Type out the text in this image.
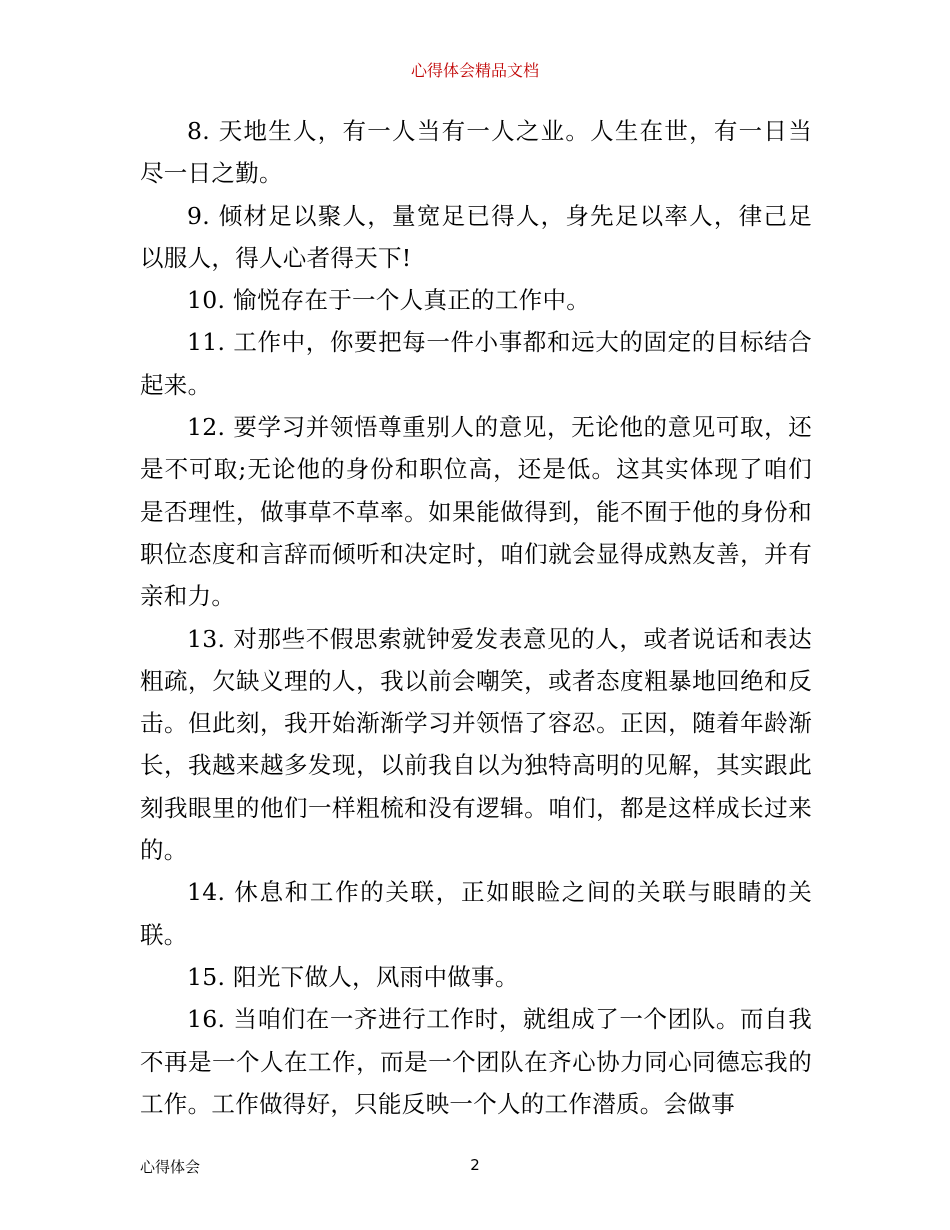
心得体会精品文档

8. 天地生人，有一人当有一人之业。人生在世，有一日当尽一日之勤。

9. 倾材足以聚人，量宽足已得人，身先足以率人，律己足以服人，得人心者得天下!

10. 愉悦存在于一个人真正的工作中。

11. 工作中，你要把每一件小事都和远大的固定的目标结合起来。

12. 要学习并领悟尊重别人的意见，无论他的意见可取，还是不可取;无论他的身份和职位高，还是低。这其实体现了咱们是否理性，做事草不草率。如果能做得到，能不囿于他的身份和职位态度和言辞而倾听和决定时，咱们就会显得成熟友善，并有亲和力。

13. 对那些不假思索就钟爱发表意见的人，或者说话和表达粗疏，欠缺义理的人，我以前会嘲笑，或者态度粗暴地回绝和反击。但此刻，我开始渐渐学习并领悟了容忍。正因，随着年龄渐长，我越来越多发现，以前我自以为独特高明的见解，其实跟此刻我眼里的他们一样粗梳和没有逻辑。咱们，都是这样成长过来的。

14. 休息和工作的关联，正如眼睑之间的关联与眼睛的关联。

15. 阳光下做人，风雨中做事。

16. 当咱们在一齐进行工作时，就组成了一个团队。而自我不再是一个人在工作，而是一个团队在齐心协力同心同德忘我的工作。工作做得好，只能反映一个人的工作潜质。会做事

心得体会	2
